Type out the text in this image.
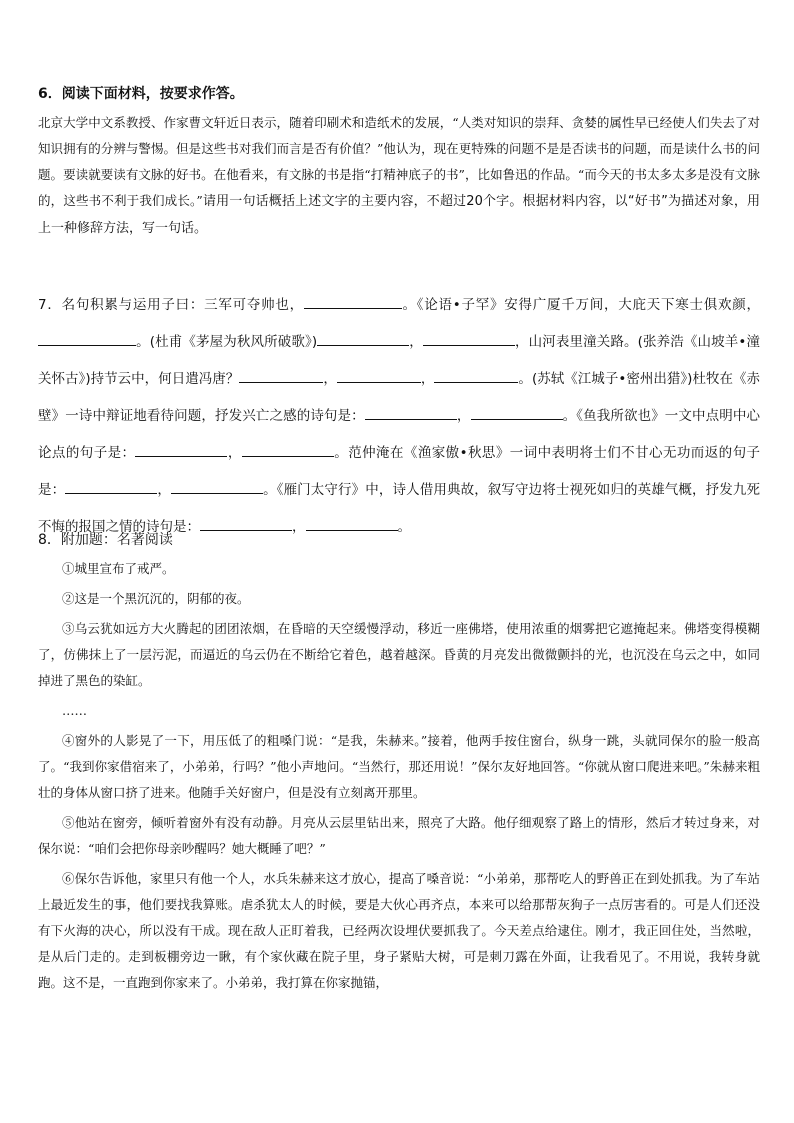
6．阅读下面材料，按要求作答。
北京大学中文系教授、作家曹文轩近日表示，随着印刷术和造纸术的发展，“人类对知识的崇拜、贪婪的属性早已经使人们失去了对知识拥有的分辨与警惕。但是这些书对我们而言是否有价值？”他认为，现在更特殊的问题不是是否读书的问题，而是读什么书的问题。要读就要读有文脉的好书。在他看来，有文脉的书是指“打精神底子的书”，比如鲁迅的作品。“而今天的书太多太多是没有文脉的，这些书不利于我们成长。”请用一句话概括上述文字的主要内容，不超过20个字。根据材料内容，以“好书”为描述对象，用上一种修辞方法，写一句话。
7．名句积累与运用子曰：三军可夺帅也，	。《论语•子罕》安得广厦千万间，大庇天下寒士俱欢颜，。(杜甫《茅屋为秋风所破歌》)	，	，山河表里潼关路。(张养浩《山坡羊•潼关怀古》)持节云中，何日遣冯唐？	，	，	。(苏轼《江城子•密州出猎》)杜牧在《赤壁》一诗中辩证地看待问题，抒发兴亡之感的诗句是：	，	。《鱼我所欲也》一文中点明中心论点的句子是：	，	。范仲淹在《渔家傲•秋思》一词中表明将士们不甘心无功而返的句子是：	，	。《雁门太守行》中，诗人借用典故，叙写守边将士视死如归的英雄气概，抒发九死不悔的报国之情的诗句是：	，	。
8．附加题：名著阅读

①城里宣布了戒严。

②这是一个黑沉沉的，阴郁的夜。

③乌云犹如远方大火腾起的团团浓烟，在昏暗的天空缓慢浮动，移近一座佛塔，使用浓重的烟雾把它遮掩起来。佛塔变得模糊了，仿佛抹上了一层污泥，而逼近的乌云仍在不断给它着色，越着越深。昏黄的月亮发出微微颤抖的光，也沉没在乌云之中，如同掉进了黑色的染缸。

……

④窗外的人影晃了一下，用压低了的粗嗓门说：“是我，朱赫来。”接着，他两手按住窗台，纵身一跳，头就同保尔的脸一般高了。“我到你家借宿来了，小弟弟，行吗？”他小声地问。“当然行，那还用说！”保尔友好地回答。“你就从窗口爬进来吧。”朱赫来粗壮的身体从窗口挤了进来。他随手关好窗户，但是没有立刻离开那里。

⑤他站在窗旁，倾听着窗外有没有动静。月亮从云层里钻出来，照亮了大路。他仔细观察了路上的情形，然后才转过身来，对保尔说：“咱们会把你母亲吵醒吗？她大概睡了吧？”

⑥保尔告诉他，家里只有他一个人，水兵朱赫来这才放心，提高了嗓音说：“小弟弟，那帮吃人的野兽正在到处抓我。为了车站上最近发生的事，他们要找我算账。虐杀犹太人的时候，要是大伙心再齐点，本来可以给那帮灰狗子一点厉害看的。可是人们还没有下火海的决心，所以没有干成。现在敌人正盯着我，已经两次设埋伏要抓我了。今天差点给逮住。刚才，我正回住处，当然啦，是从后门走的。走到板棚旁边一瞅，有个家伙藏在院子里，身子紧贴大树，可是刺刀露在外面，让我看见了。不用说，我转身就跑。这不是，一直跑到你家来了。小弟弟，我打算在你家抛锚，
